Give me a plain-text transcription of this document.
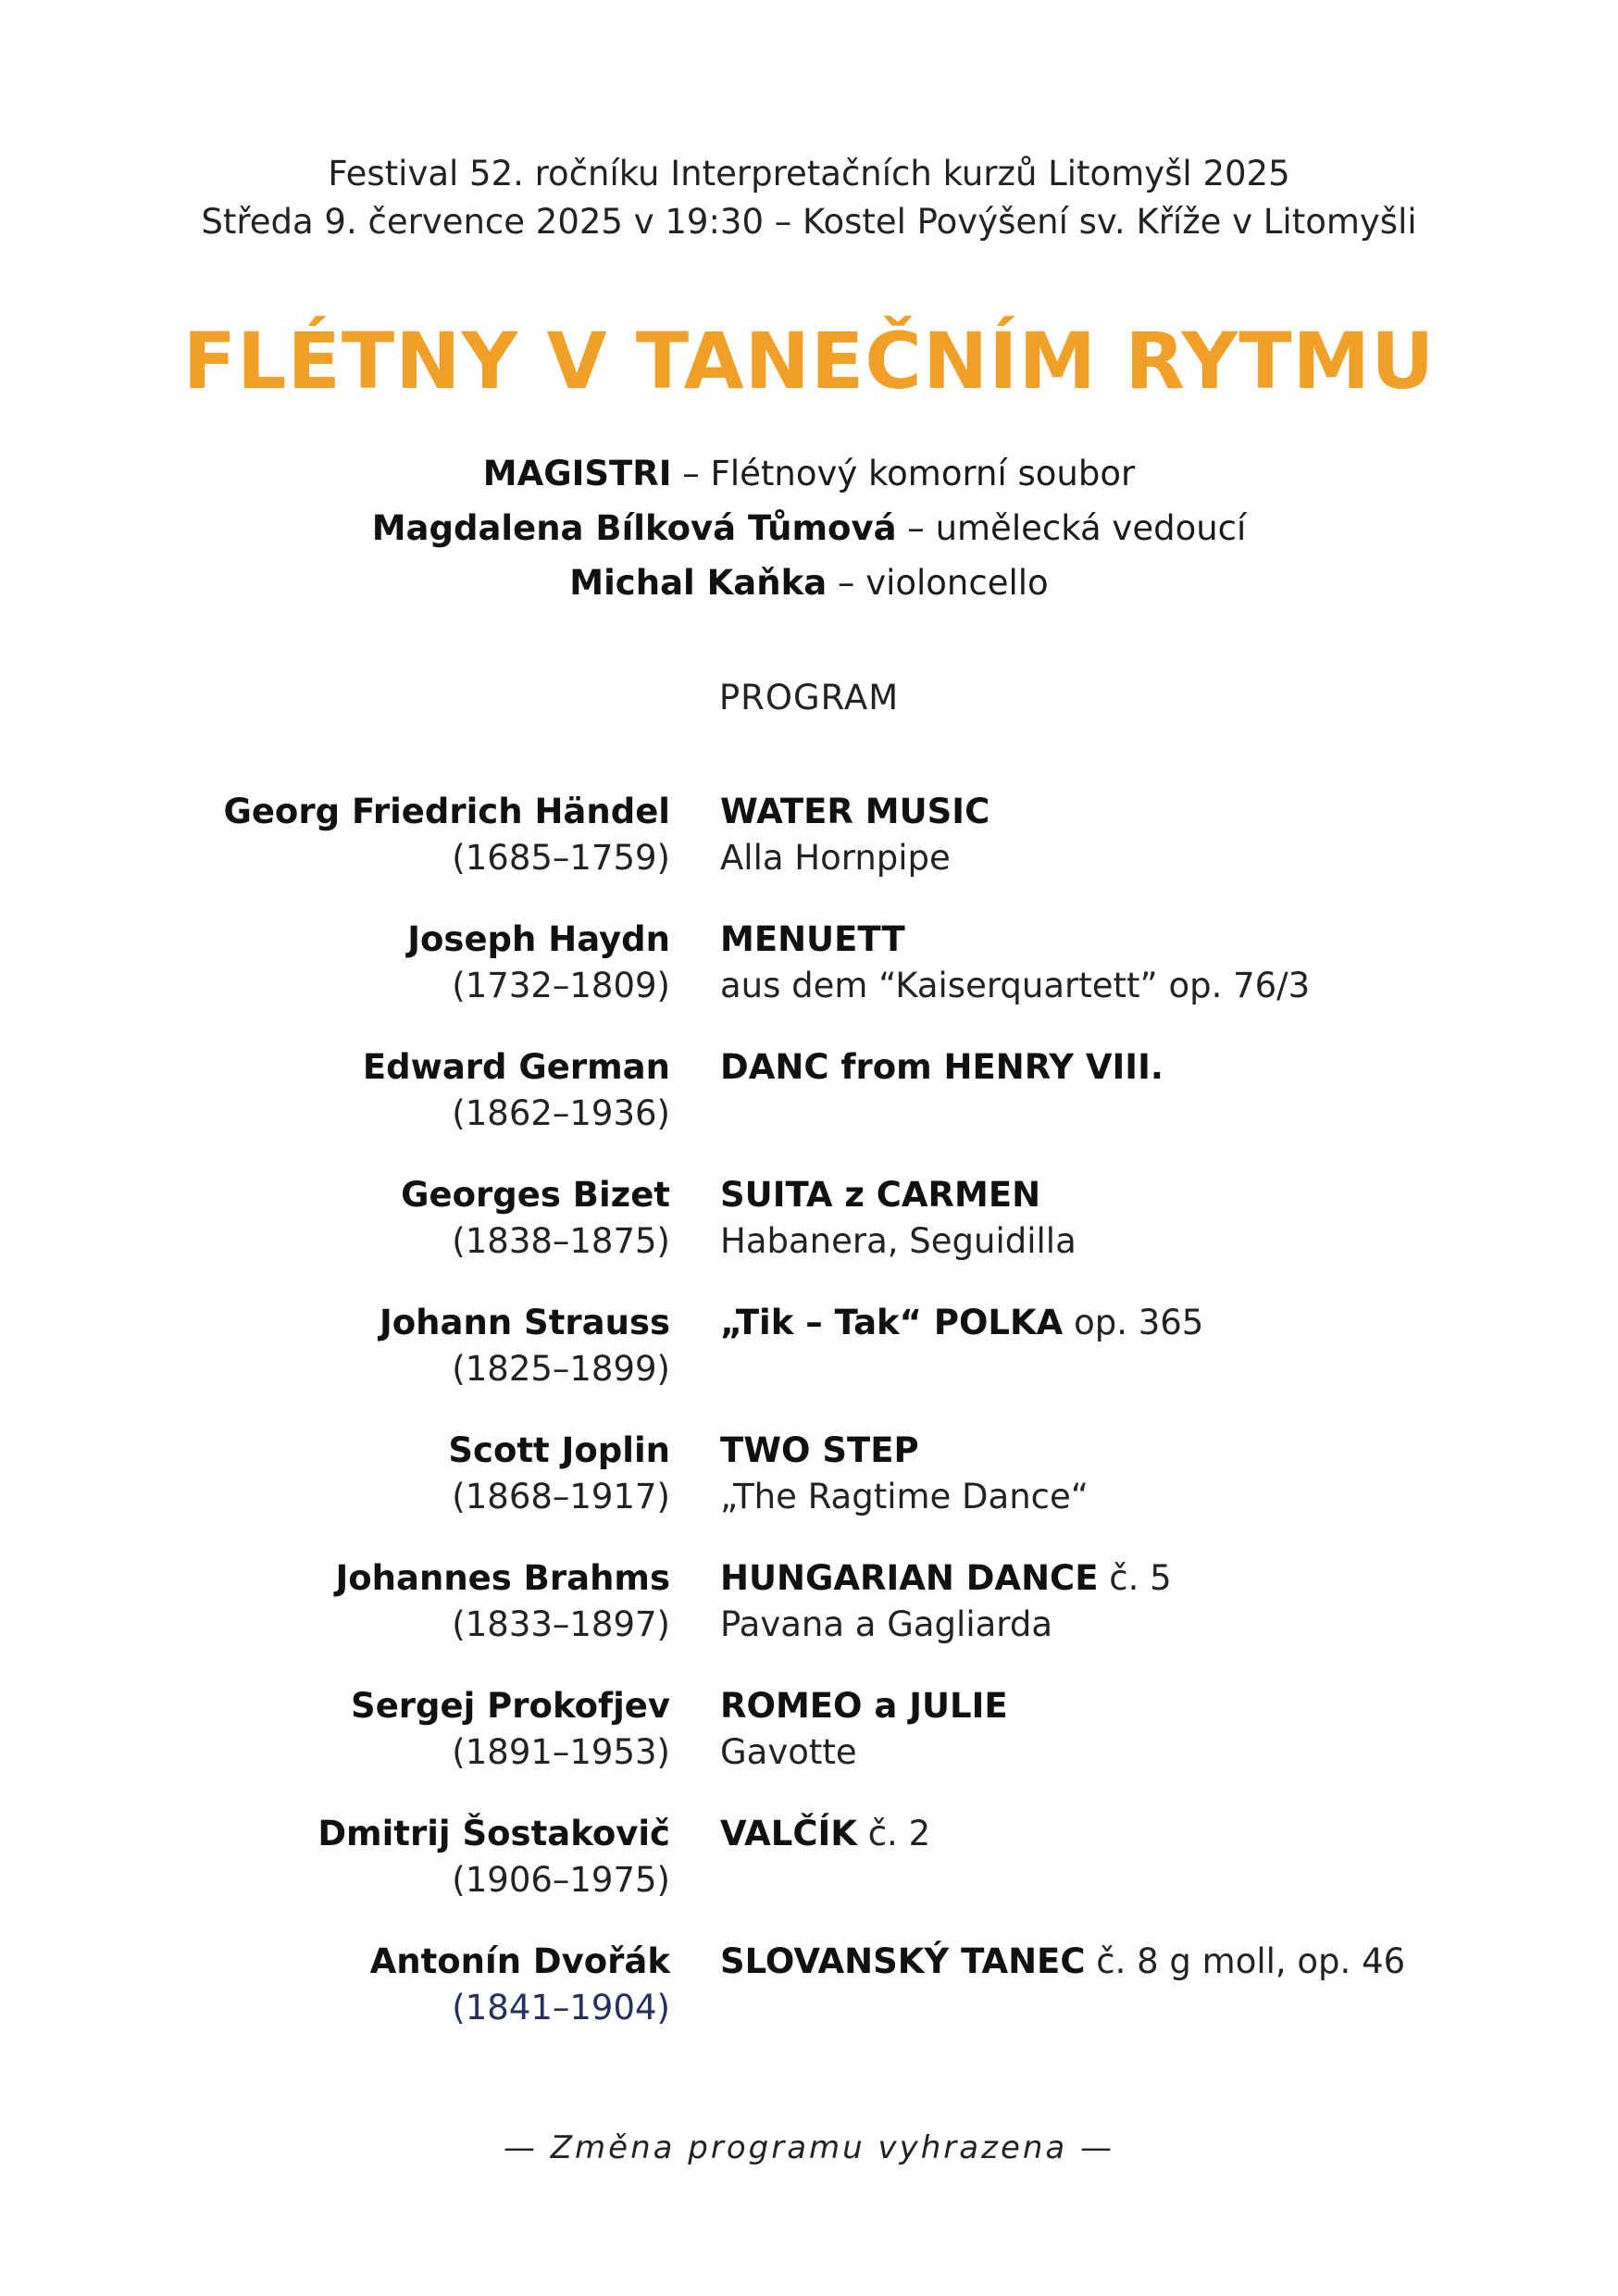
Festival 52. ročníku Interpretačních kurzů Litomyšl 2025
Středa 9. července 2025 v 19:30 – Kostel Povýšení sv. Kříže v Litomyšli
FLÉTNY V TANEČNÍM RYTMU
MAGISTRI – Flétnový komorní soubor
Magdalena Bílková Tůmová – umělecká vedoucí
Michal Kaňka – violoncello
PROGRAM
Georg Friedrich Händel
(1685–1759)
WATER MUSIC
Alla Hornpipe
Joseph Haydn
(1732–1809)
MENUETT
aus dem “Kaiserquartett” op. 76/3
Edward German
(1862–1936)
DANC from HENRY VIII.
Georges Bizet
(1838–1875)
SUITA z CARMEN
Habanera, Seguidilla
Johann Strauss
(1825–1899)
„Tik – Tak“ POLKA op. 365
Scott Joplin
(1868–1917)
TWO STEP
„The Ragtime Dance“
Johannes Brahms
(1833–1897)
HUNGARIAN DANCE č. 5
Pavana a Gagliarda
Sergej Prokofjev
(1891–1953)
ROMEO a JULIE
Gavotte
Dmitrij Šostakovič
(1906–1975)
VALČÍK č. 2
Antonín Dvořák
(1841–1904)
SLOVANSKÝ TANEC č. 8 g moll, op. 46
— Změna programu vyhrazena —
